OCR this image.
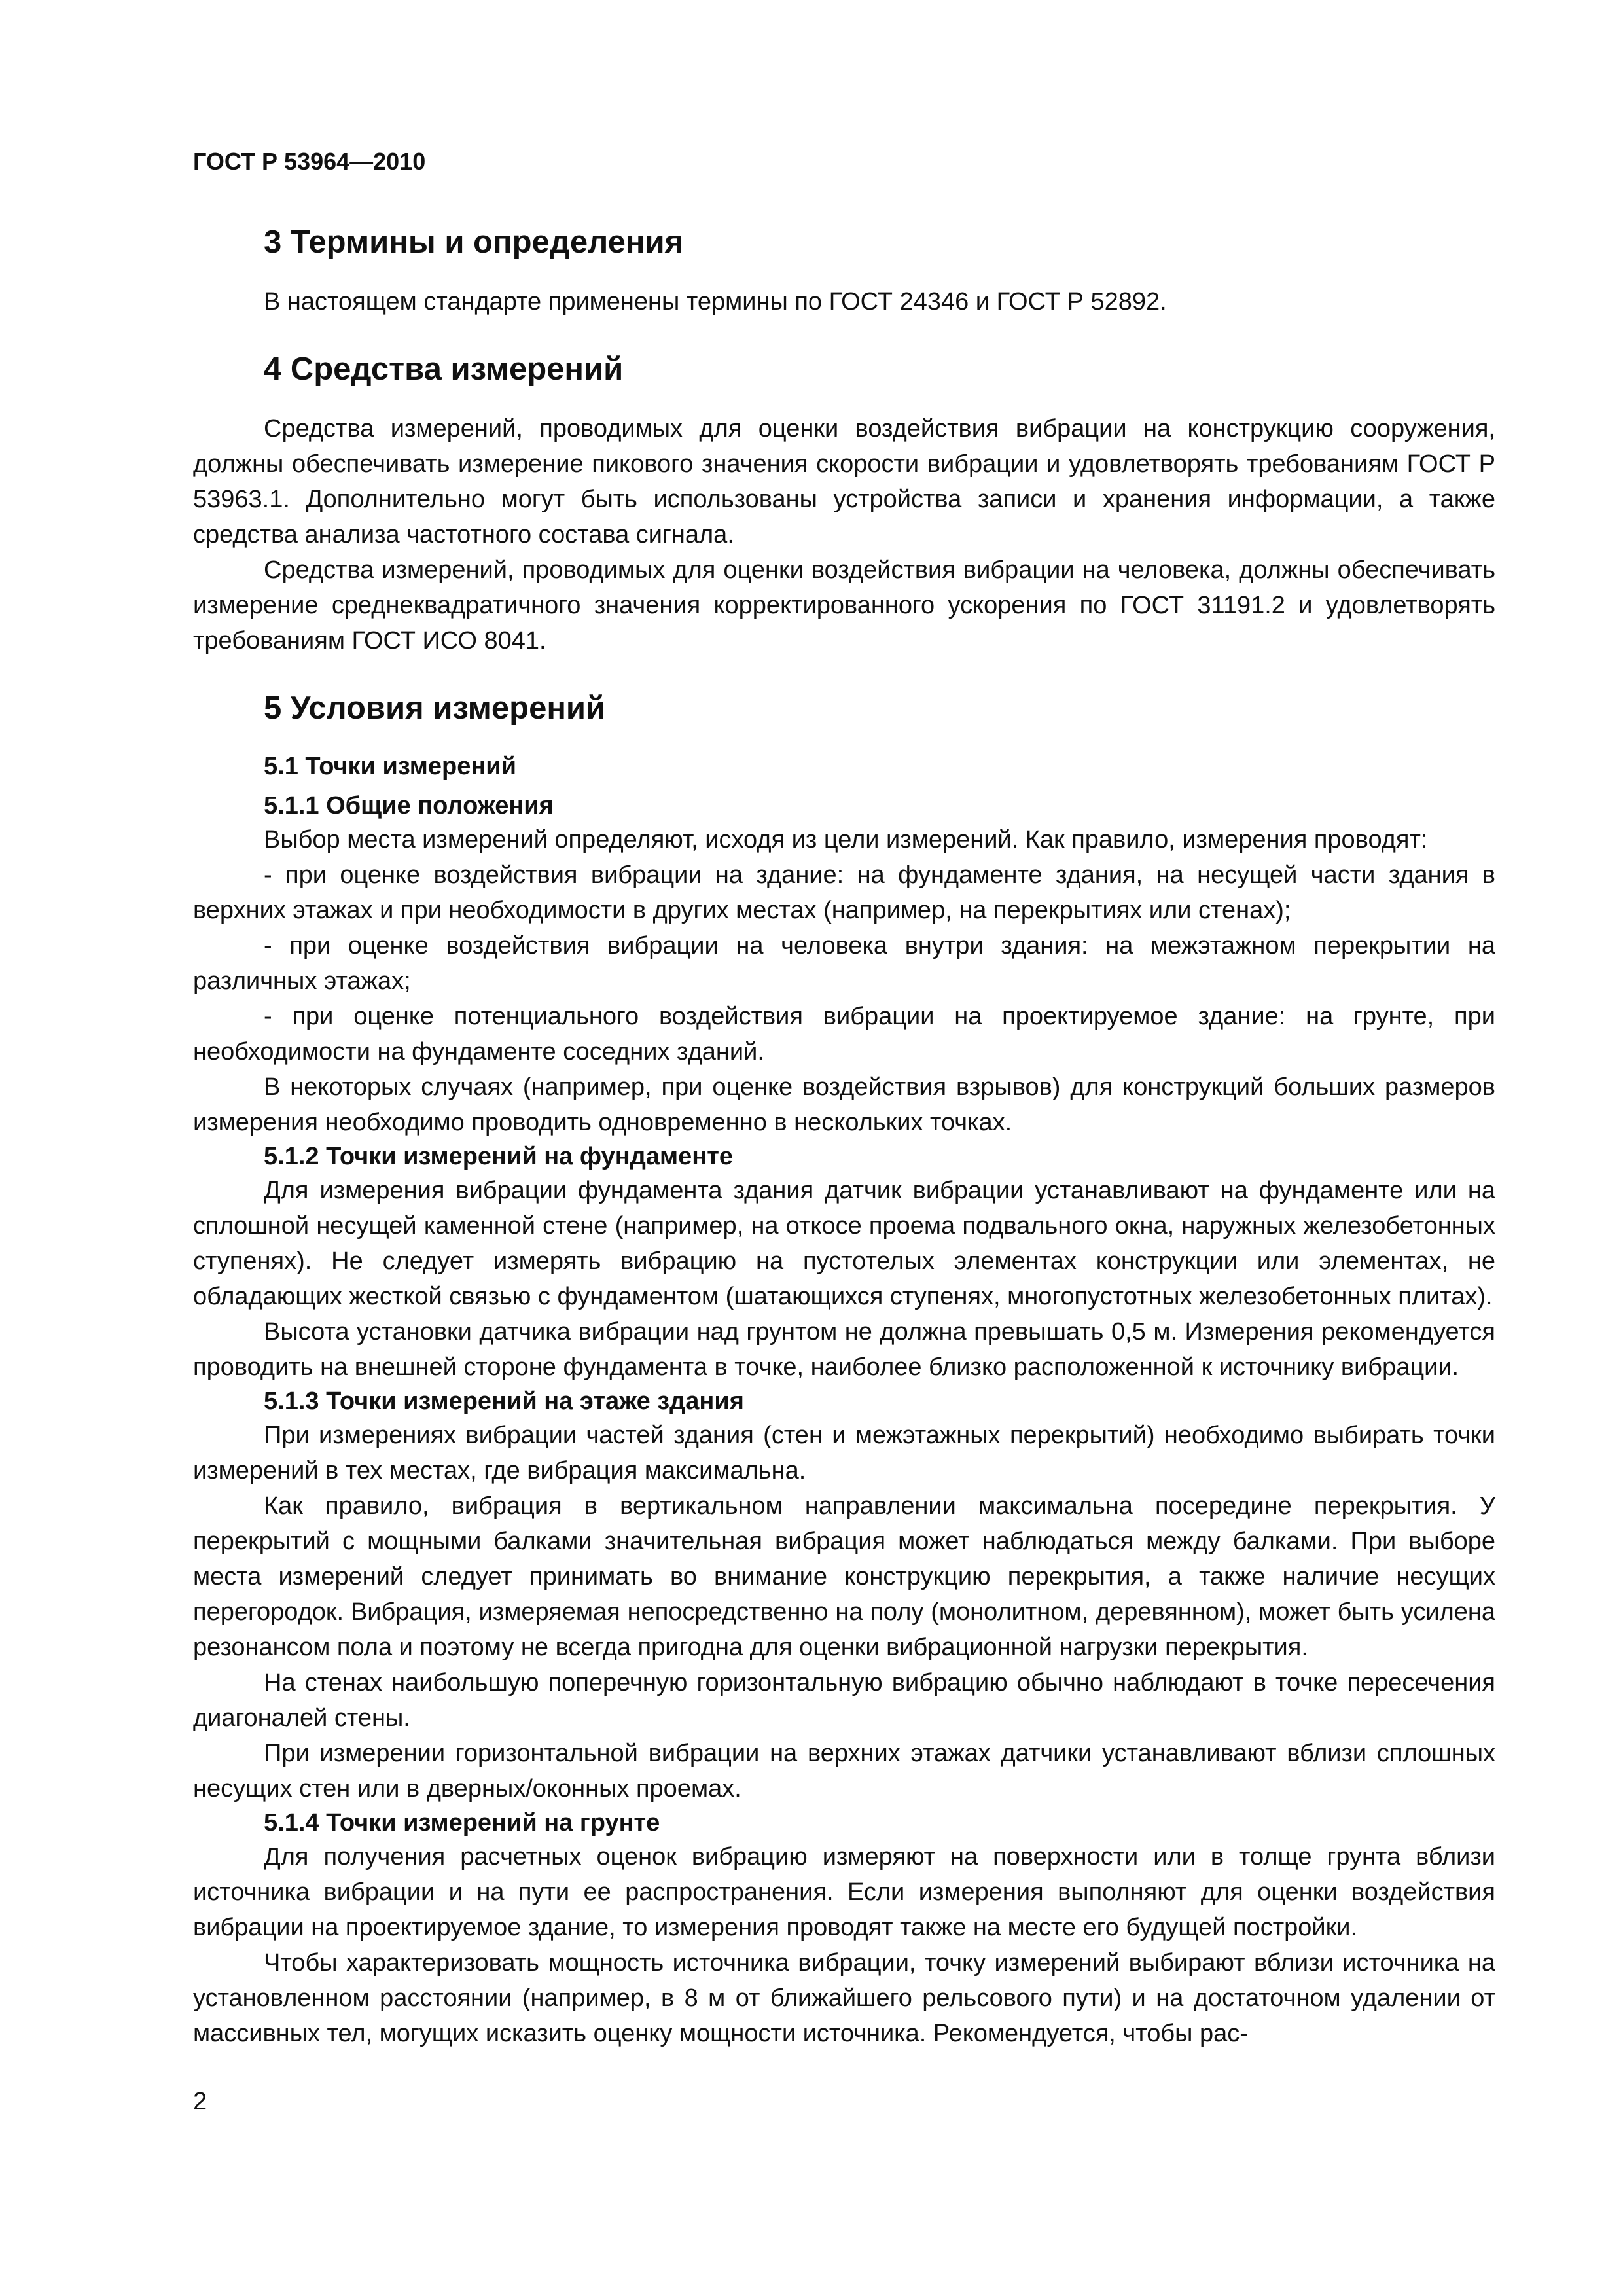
ГОСТ Р 53964—2010
3 Термины и определения

В настоящем стандарте применены термины по ГОСТ 24346 и ГОСТ Р 52892.

4 Средства измерений

Средства измерений, проводимых для оценки воздействия вибрации на конструкцию сооружения, должны обеспечивать измерение пикового значения скорости вибрации и удовлетворять требованиям ГОСТ Р 53963.1. Дополнительно могут быть использованы устройства записи и хранения информации, а также средства анализа частотного состава сигнала.

Средства измерений, проводимых для оценки воздействия вибрации на человека, должны обеспечивать измерение среднеквадратичного значения корректированного ускорения по ГОСТ 31191.2 и удовлетворять требованиям ГОСТ ИСО 8041.

5 Условия измерений
5.1 Точки измерений
5.1.1 Общие положения

Выбор места измерений определяют, исходя из цели измерений. Как правило, измерения проводят:

- при оценке воздействия вибрации на здание: на фундаменте здания, на несущей части здания в верхних этажах и при необходимости в других местах (например, на перекрытиях или стенах);

- при оценке воздействия вибрации на человека внутри здания: на межэтажном перекрытии на различных этажах;

- при оценке потенциального воздействия вибрации на проектируемое здание: на грунте, при необходимости на фундаменте соседних зданий.

В некоторых случаях (например, при оценке воздействия взрывов) для конструкций больших размеров измерения необходимо проводить одновременно в нескольких точках.

5.1.2 Точки измерений на фундаменте

Для измерения вибрации фундамента здания датчик вибрации устанавливают на фундаменте или на сплошной несущей каменной стене (например, на откосе проема подвального окна, наружных железобетонных ступенях). Не следует измерять вибрацию на пустотелых элементах конструкции или элементах, не обладающих жесткой связью с фундаментом (шатающихся ступенях, многопустотных железобетонных плитах).

Высота установки датчика вибрации над грунтом не должна превышать 0,5 м. Измерения рекомендуется проводить на внешней стороне фундамента в точке, наиболее близко расположенной к источнику вибрации.

5.1.3 Точки измерений на этаже здания

При измерениях вибрации частей здания (стен и межэтажных перекрытий) необходимо выбирать точки измерений в тех местах, где вибрация максимальна.

Как правило, вибрация в вертикальном направлении максимальна посередине перекрытия. У перекрытий с мощными балками значительная вибрация может наблюдаться между балками. При выборе места измерений следует принимать во внимание конструкцию перекрытия, а также наличие несущих перегородок. Вибрация, измеряемая непосредственно на полу (монолитном, деревянном), может быть усилена резонансом пола и поэтому не всегда пригодна для оценки вибрационной нагрузки перекрытия.

На стенах наибольшую поперечную горизонтальную вибрацию обычно наблюдают в точке пересечения диагоналей стены.

При измерении горизонтальной вибрации на верхних этажах датчики устанавливают вблизи сплошных несущих стен или в дверных/оконных проемах.

5.1.4 Точки измерений на грунте

Для получения расчетных оценок вибрацию измеряют на поверхности или в толще грунта вблизи источника вибрации и на пути ее распространения. Если измерения выполняют для оценки воздействия вибрации на проектируемое здание, то измерения проводят также на месте его будущей постройки.

Чтобы характеризовать мощность источника вибрации, точку измерений выбирают вблизи источника на установленном расстоянии (например, в 8 м от ближайшего рельсового пути) и на достаточном удалении от массивных тел, могущих исказить оценку мощности источника. Рекомендуется, чтобы рас-

2
